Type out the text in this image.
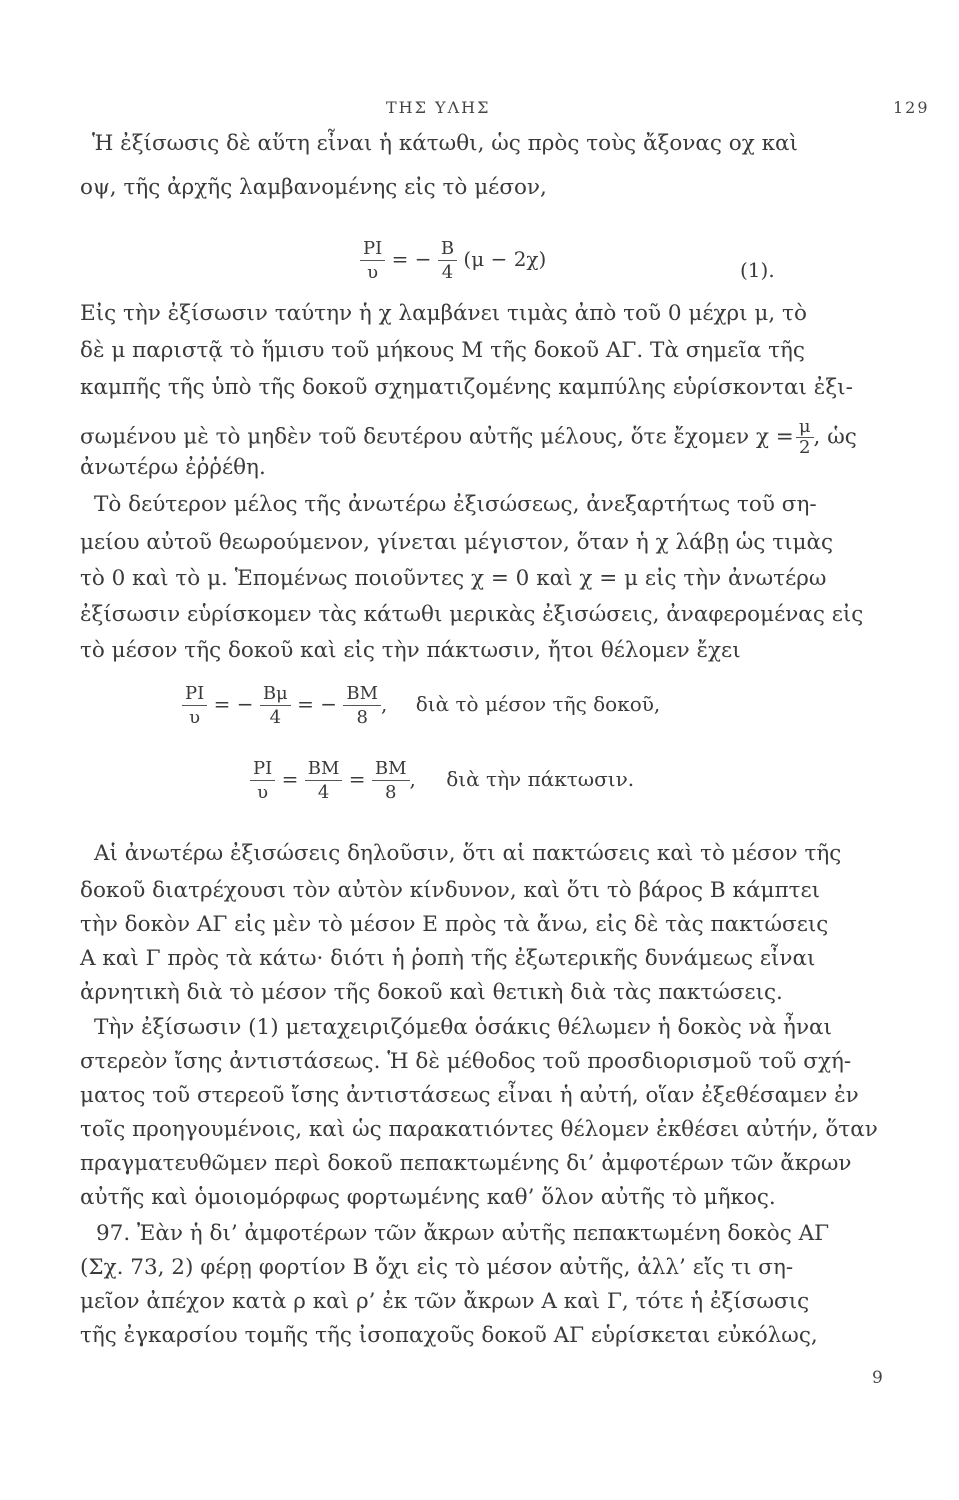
ΤΗΣ ΥΛΗΣ	129
Ἡ ἐξίσωσις δὲ αὕτη εἶναι ἡ κάτωθι, ὡς πρὸς τοὺς ἄξονας οχ καὶ
οψ, τῆς ἀρχῆς λαμβανομένης εἰς τὸ μέσον,
$\frac{PI}{\upsilon}$ = − $\frac{B}{4} (\mu - 2\chi)$	(1).
Εἰς τὴν ἐξίσωσιν ταύτην ἡ χ λαμβάνει τιμὰς ἀπὸ τοῦ 0 μέχρι μ, τὸ
δὲ μ παριστᾷ τὸ ἥμισυ τοῦ μήκους Μ τῆς δοκοῦ ΑΓ. Τὰ σημεῖα τῆς
καμπῆς τῆς ὑπὸ τῆς δοκοῦ σχηματιζομένης καμπύλης εὑρίσκονται ἐξι-
σωμένου μὲ τὸ μηδὲν τοῦ δευτέρου αὐτῆς μέλους, ὅτε ἔχομεν $\chi = \frac{\mu}{2}$ , ὡς
ἀνωτέρω ἐῤῥέθη.
Τὸ δεύτερον μέλος τῆς ἀνωτέρω ἐξισώσεως, ἀνεξαρτήτως τοῦ ση-
μείου αὐτοῦ θεωρούμενον, γίνεται μέγιστον, ὅταν ἡ χ λάβῃ ὡς τιμὰς
τὸ 0 καὶ τὸ μ. Ἑπομένως ποιοῦντες χ = 0 καὶ χ = μ εἰς τὴν ἀνωτέρω
ἐξίσωσιν εὑρίσκομεν τὰς κάτωθι μερικὰς ἐξισώσεις, ἀναφερομένας εἰς
τὸ μέσον τῆς δοκοῦ καὶ εἰς τὴν πάκτωσιν, ἤτοι θέλομεν ἔχει
$\frac{PI}{\upsilon}$ = − $\frac{B\mu}{4}$ = − $\frac{BM}{8}$ , διὰ τὸ μέσον τῆς δοκοῦ,
$\frac{PI}{\upsilon} = \frac{BM}{4} = \frac{BM}{8}$ , διὰ τὴν πάκτωσιν.
Αἱ ἀνωτέρω ἐξισώσεις δηλοῦσιν, ὅτι αἱ πακτώσεις καὶ τὸ μέσον τῆς
δοκοῦ διατρέχουσι τὸν αὐτὸν κίνδυνον, καὶ ὅτι τὸ βάρος Β κάμπτει
τὴν δοκὸν ΑΓ εἰς μὲν τὸ μέσον Ε πρὸς τὰ ἄνω, εἰς δὲ τὰς πακτώσεις
Α καὶ Γ πρὸς τὰ κάτω· διότι ἡ ῥοπὴ τῆς ἐξωτερικῆς δυνάμεως εἶναι
ἀρνητικὴ διὰ τὸ μέσον τῆς δοκοῦ καὶ θετικὴ διὰ τὰς πακτώσεις.
Τὴν ἐξίσωσιν (1) μεταχειριζόμεθα ὁσάκις θέλωμεν ἡ δοκὸς νὰ ἦναι
στερεὸν ἴσης ἀντιστάσεως. Ἡ δὲ μέθοδος τοῦ προσδιορισμοῦ τοῦ σχή-
ματος τοῦ στερεοῦ ἴσης ἀντιστάσεως εἶναι ἡ αὐτή, οἵαν ἐξεθέσαμεν ἐν
τοῖς προηγουμένοις, καὶ ὡς παρακατιόντες θέλομεν ἐκθέσει αὐτήν, ὅταν
πραγματευθῶμεν περὶ δοκοῦ πεπακτωμένης δι’ ἀμφοτέρων τῶν ἄκρων
αὐτῆς καὶ ὁμοιομόρφως φορτωμένης καθ’ ὅλον αὐτῆς τὸ μῆκος.
97. Ἐὰν ἡ δι’ ἀμφοτέρων τῶν ἄκρων αὐτῆς πεπακτωμένη δοκὸς ΑΓ
(Σχ. 73, 2) φέρῃ φορτίον Β ὄχι εἰς τὸ μέσον αὐτῆς, ἀλλ’ εἴς τι ση-
μεῖον ἀπέχον κατὰ ρ καὶ ρ’ ἐκ τῶν ἄκρων Α καὶ Γ, τότε ἡ ἐξίσωσις
τῆς ἐγκαρσίου τομῆς τῆς ἰσοπαχοῦς δοκοῦ ΑΓ εὑρίσκεται εὐκόλως,
9
